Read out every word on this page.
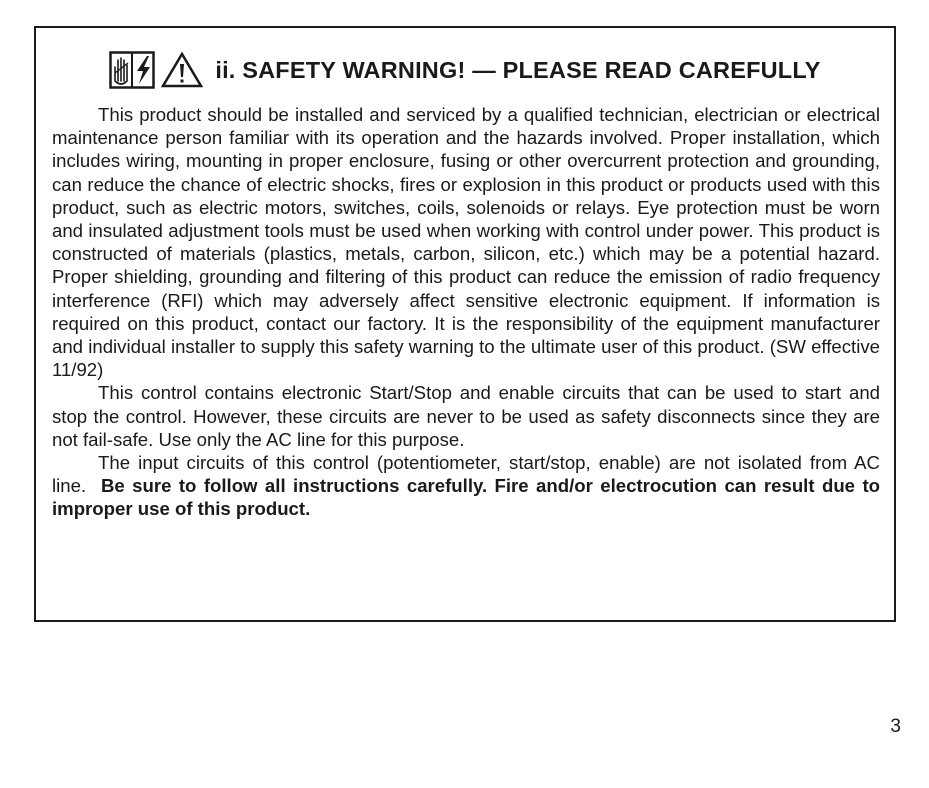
ii. SAFETY WARNING! — PLEASE READ CAREFULLY

This product should be installed and serviced by a qualified technician, electrician or electrical maintenance person familiar with its operation and the hazards involved. Proper installation, which includes wiring, mounting in proper enclosure, fusing or other overcurrent protection and grounding, can reduce the chance of electric shocks, fires or explosion in this product or products used with this product, such as electric motors, switches, coils, solenoids or relays. Eye protection must be worn and insulated adjustment tools must be used when working with control under power. This product is constructed of materials (plastics, metals, carbon, silicon, etc.) which may be a potential hazard. Proper shielding, grounding and filtering of this product can reduce the emission of radio frequency interference (RFI) which may adversely affect sensitive electronic equipment. If information is required on this product, contact our factory. It is the responsibility of the equipment manufacturer and individual installer to supply this safety warning to the ultimate user of this product. (SW effective 11/92)

This control contains electronic Start/Stop and enable circuits that can be used to start and stop the control. However, these circuits are never to be used as safety disconnects since they are not fail-safe. Use only the AC line for this purpose.

The input circuits of this control (potentiometer, start/stop, enable) are not isolated from AC line. Be sure to follow all instructions carefully. Fire and/or electrocution can result due to improper use of this product.

3
